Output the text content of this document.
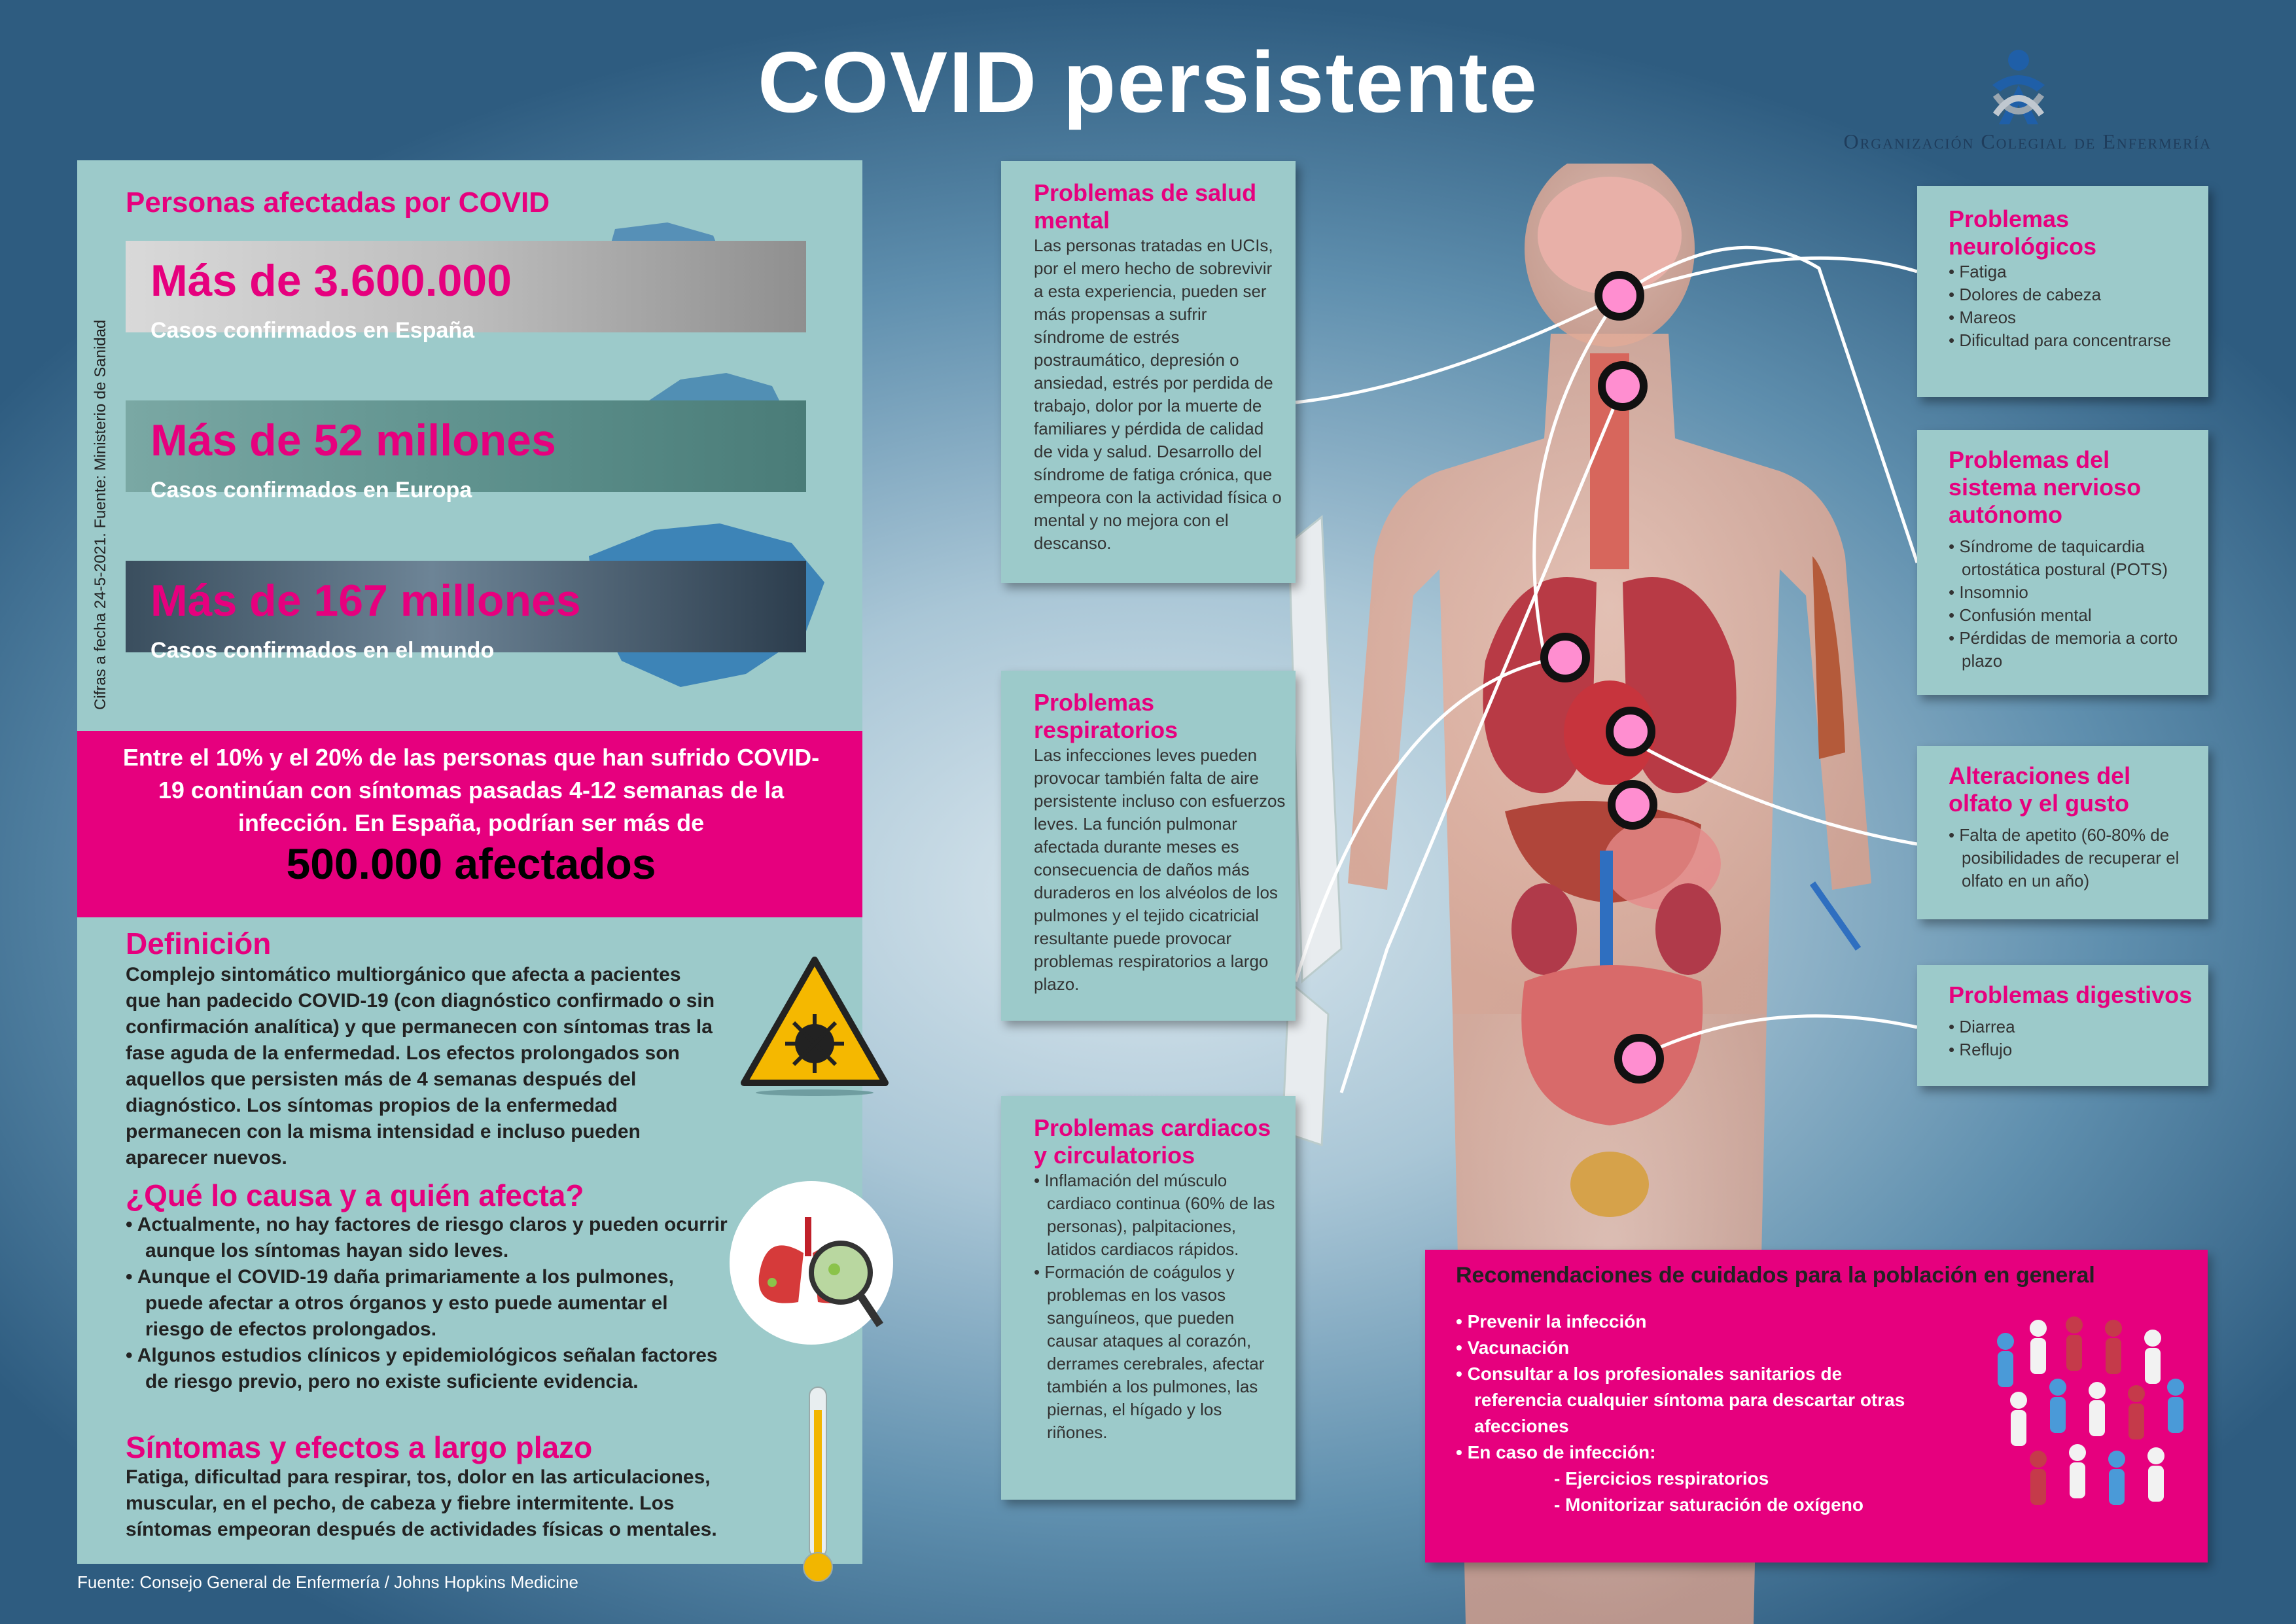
COVID persistente
Organización Colegial de Enfermería
Cifras a fecha 24-5-2021. Fuente: Ministerio de Sanidad
Personas afectadas por COVID
Más de 3.600.000
Casos confirmados en España
Más de 52 millones
Casos confirmados en Europa
Más de 167 millones
Casos confirmados en el mundo
Entre el 10% y el 20% de las personas que han sufrido COVID-19 continúan con síntomas pasadas 4-12 semanas de la infección. En España, podrían ser más de
500.000 afectados
Definición
Complejo sintomático multiorgánico que afecta a pacientes que han padecido COVID-19 (con diagnóstico confirmado o sin confirmación analítica) y que permanecen con síntomas tras la fase aguda de la enfermedad. Los efectos prolongados son aquellos que persisten más de 4 semanas después del diagnóstico. Los síntomas propios de la enfermedad permanecen con la misma intensidad e incluso pueden aparecer nuevos.
¿Qué lo causa y a quién afecta?
• Actualmente, no hay factores de riesgo claros y pueden ocurrir aunque los síntomas hayan sido leves.
• Aunque el COVID-19 daña primariamente a los pulmones, puede afectar a otros órganos y esto puede aumentar el riesgo de efectos prolongados.
• Algunos estudios clínicos y epidemiológicos señalan factores de riesgo previo, pero no existe suficiente evidencia.
Síntomas y efectos a largo plazo
Fatiga, dificultad para respirar, tos, dolor en las articulaciones, muscular, en el pecho, de cabeza y fiebre intermitente. Los síntomas empeoran después de actividades físicas o mentales.
Fuente: Consejo General de Enfermería / Johns Hopkins Medicine
Problemas de salud mental
Las personas tratadas en UCIs, por el mero hecho de sobrevivir a esta experiencia, pueden ser más propensas a sufrir síndrome de estrés postraumático, depresión o ansiedad, estrés por perdida de trabajo, dolor por la muerte de familiares y pérdida de calidad de vida y salud. Desarrollo del síndrome de fatiga crónica, que empeora con la actividad física o mental y no mejora con el descanso.
Problemas respiratorios
Las infecciones leves pueden provocar también falta de aire persistente incluso con esfuerzos leves. La función pulmonar afectada durante meses es consecuencia de daños más duraderos en los alvéolos de los pulmones y el tejido cicatricial resultante puede provocar problemas respiratorios a largo plazo.
Problemas cardiacos y circulatorios
• Inflamación del músculo cardiaco continua (60% de las personas), palpitaciones, latidos cardiacos rápidos.
• Formación de coágulos y problemas en los vasos sanguíneos, que pueden causar ataques al corazón, derrames cerebrales, afectar también a los pulmones, las piernas, el hígado y los riñones.
Problemas neurológicos
• Fatiga
• Dolores de cabeza
• Mareos
• Dificultad para concentrarse
Problemas del sistema nervioso autónomo
• Síndrome de taquicardia ortostática postural (POTS)
• Insomnio
• Confusión mental
• Pérdidas de memoria a corto plazo
Alteraciones del olfato y el gusto
• Falta de apetito (60-80% de posibilidades de recuperar el olfato en un año)
Problemas digestivos
• Diarrea
• Reflujo
Recomendaciones de cuidados para la población en general
• Prevenir la infección
• Vacunación
• Consultar a los profesionales sanitarios de
referencia cualquier síntoma para descartar otras
afecciones
• En caso de infección:
- Ejercicios respiratorios
- Monitorizar saturación de oxígeno
